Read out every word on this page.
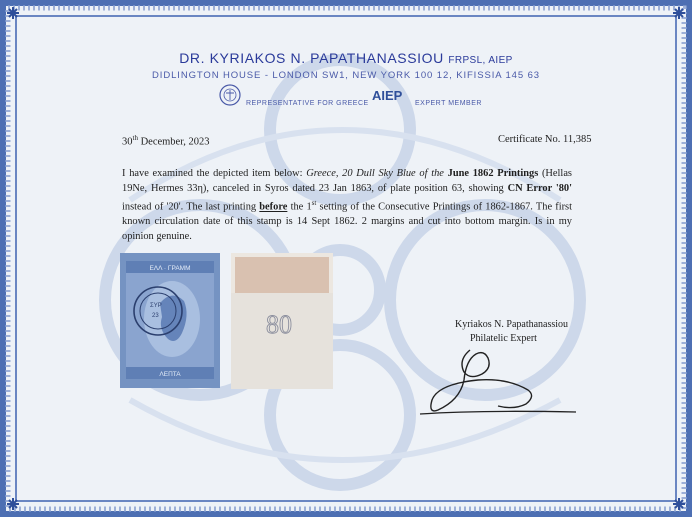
DR. KYRIAKOS N. PAPATHANASSIOU FRPSL, AIEP
DIDLINGTON HOUSE - LONDON SW1, NEW YORK 100 12, KIFISSIA 145 63
REPRESENTATIVE FOR GREECE
AIEP
EXPERT MEMBER
30th December, 2023	Certificate No. 11,385
I have examined the depicted item below: Greece, 20 Dull Sky Blue of the June 1862 Printings (Hellas 19Ne, Hermes 33η), canceled in Syros dated 23 Jan 1863, of plate position 63, showing CN Error '80' instead of '20'. The last printing before the 1st setting of the Consecutive Printings of 1862-1867. The first known circulation date of this stamp is 14 Sept 1862. 2 margins and cut into bottom margin. Is in my opinion genuine.
ΣΥΡ
23
ΕΛΛ · ΓΡΑΜΜ
ΛΕΠΤΑ
80	Kyriakos N. Papathanassiou
Philatelic Expert
